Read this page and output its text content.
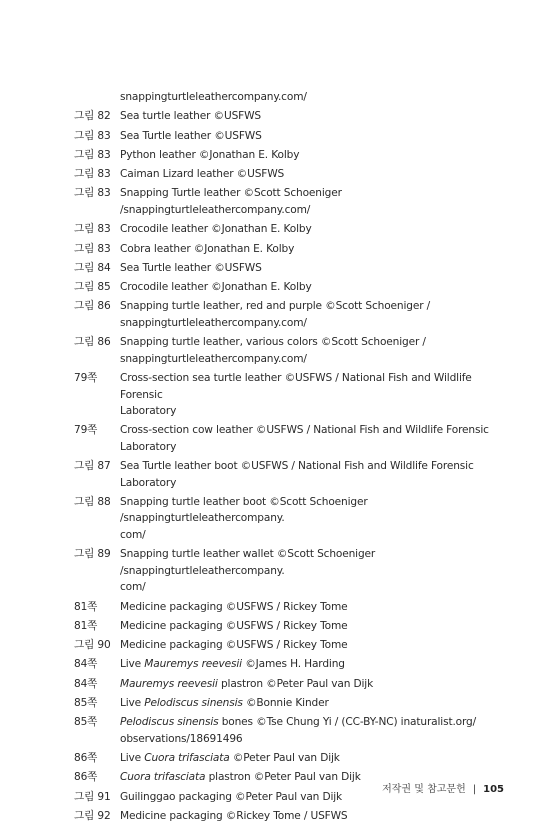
snappingturtleleathercompany.com/
그림 82 Sea turtle leather ©USFWS
그림 83 Sea Turtle leather ©USFWS
그림 83 Python leather ©Jonathan E. Kolby
그림 83 Caiman Lizard leather ©USFWS
그림 83 Snapping Turtle leather ©Scott Schoeniger /snappingturtleleathercompany.com/
그림 83 Crocodile leather ©Jonathan E. Kolby
그림 83 Cobra leather ©Jonathan E. Kolby
그림 84 Sea Turtle leather ©USFWS
그림 85 Crocodile leather ©Jonathan E. Kolby
그림 86 Snapping turtle leather, red and purple ©Scott Schoeniger /
snappingturtleleathercompany.com/
그림 86 Snapping turtle leather, various colors ©Scott Schoeniger /
snappingturtleleathercompany.com/
79쪽	Cross-section sea turtle leather ©USFWS / National Fish and Wildlife Forensic
Laboratory
79쪽	Cross-section cow leather ©USFWS / National Fish and Wildlife Forensic
Laboratory
그림 87 Sea Turtle leather boot ©USFWS / National Fish and Wildlife Forensic Laboratory
그림 88 Snapping turtle leather boot ©Scott Schoeniger /snappingturtleleathercompany.
com/
그림 89 Snapping turtle leather wallet ©Scott Schoeniger /snappingturtleleathercompany.
com/
81쪽	Medicine packaging ©USFWS / Rickey Tome
81쪽	Medicine packaging ©USFWS / Rickey Tome
그림 90 Medicine packaging ©USFWS / Rickey Tome
84쪽	Live Mauremys reevesii ©James H. Harding
84쪽	Mauremys reevesii plastron ©Peter Paul van Dijk
85쪽	Live Pelodiscus sinensis ©Bonnie Kinder
85쪽	Pelodiscus sinensis bones ©Tse Chung Yi / (CC-BY-NC) inaturalist.org/
observations/18691496
86쪽	Live Cuora trifasciata ©Peter Paul van Dijk
86쪽	Cuora trifasciata plastron ©Peter Paul van Dijk
그림 91 Guilinggao packaging ©Peter Paul van Dijk
그림 92 Medicine packaging ©Rickey Tome / USFWS
저작권 및 참고문헌 | 105
